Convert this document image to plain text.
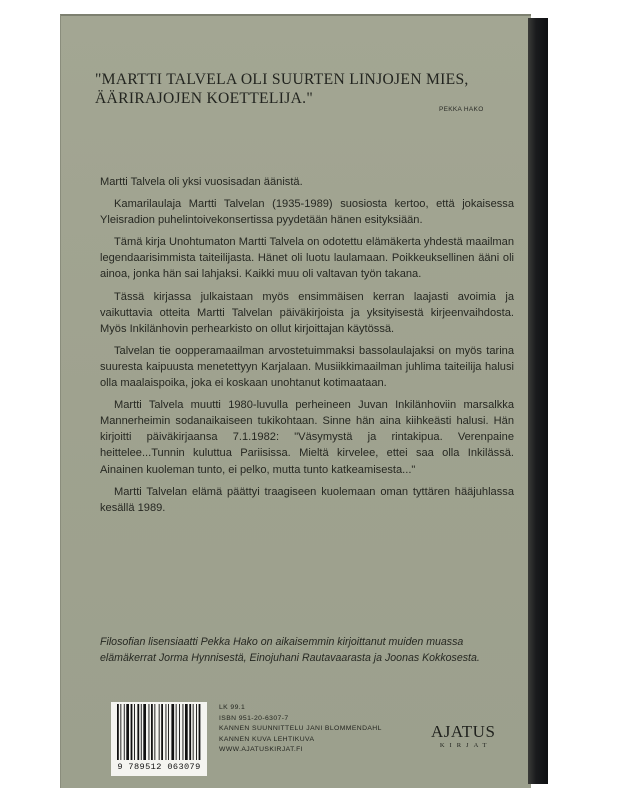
"MARTTI TALVELA OLI SUURTEN LINJOJEN MIES, ÄÄRIRAJOJEN KOETTELIJA."

PEKKA HAKO

Martti Talvela oli yksi vuosisadan äänistä.

Kamarilaulaja Martti Talvelan (1935-1989) suosiosta kertoo, että jokaisessa Yleisradion puhelintoivekonsertissa pyydetään hänen esityksiään.

Tämä kirja Unohtumaton Martti Talvela on odotettu elämäkerta yhdestä maailman legendaarisimmista taiteilijasta. Hänet oli luotu laulamaan. Poikkeuksellinen ääni oli ainoa, jonka hän sai lahjaksi. Kaikki muu oli valtavan työn takana.

Tässä kirjassa julkaistaan myös ensimmäisen kerran laajasti avoimia ja vaikuttavia otteita Martti Talvelan päiväkirjoista ja yksityisestä kirjeenvaihdosta. Myös Inkilänhovin perhearkisto on ollut kirjoittajan käytössä.

Talvelan tie oopperamaailman arvostetuimmaksi bassolaulajaksi on myös tarina suuresta kaipuusta menetettyyn Karjalaan. Musiikkimaailman juhlima taiteilija halusi olla maalaispoika, joka ei koskaan unohtanut kotimaataan.

Martti Talvela muutti 1980-luvulla perheineen Juvan Inkilänhoviin marsalkka Mannerheimin sodanaikaiseen tukikohtaan. Sinne hän aina kiihkeästi halusi. Hän kirjoitti päiväkirjaansa 7.1.1982: "Väsymystä ja rintakipua. Verenpaine heittelee...Tunnin kuluttua Pariisissa. Mieltä kirvelee, ettei saa olla Inkilässä. Ainainen kuoleman tunto, ei pelko, mutta tunto katkeamisesta..."

Martti Talvelan elämä päättyi traagiseen kuolemaan oman tyttären hääjuhlassa kesällä 1989.

Filosofian lisensiaatti Pekka Hako on aikaisemmin kirjoittanut muiden muassa elämäkerrat Jorma Hynnisestä, Einojuhani Rautavaarasta ja Joonas Kokkosesta.

9 789512 063079
LK 99.1
ISBN 951-20-6307-7
KANNEN SUUNNITTELU JANI BLOMMENDAHL
KANNEN KUVA LEHTIKUVA
WWW.AJATUSKIRJAT.FI
AJATUS
KIRJAT
